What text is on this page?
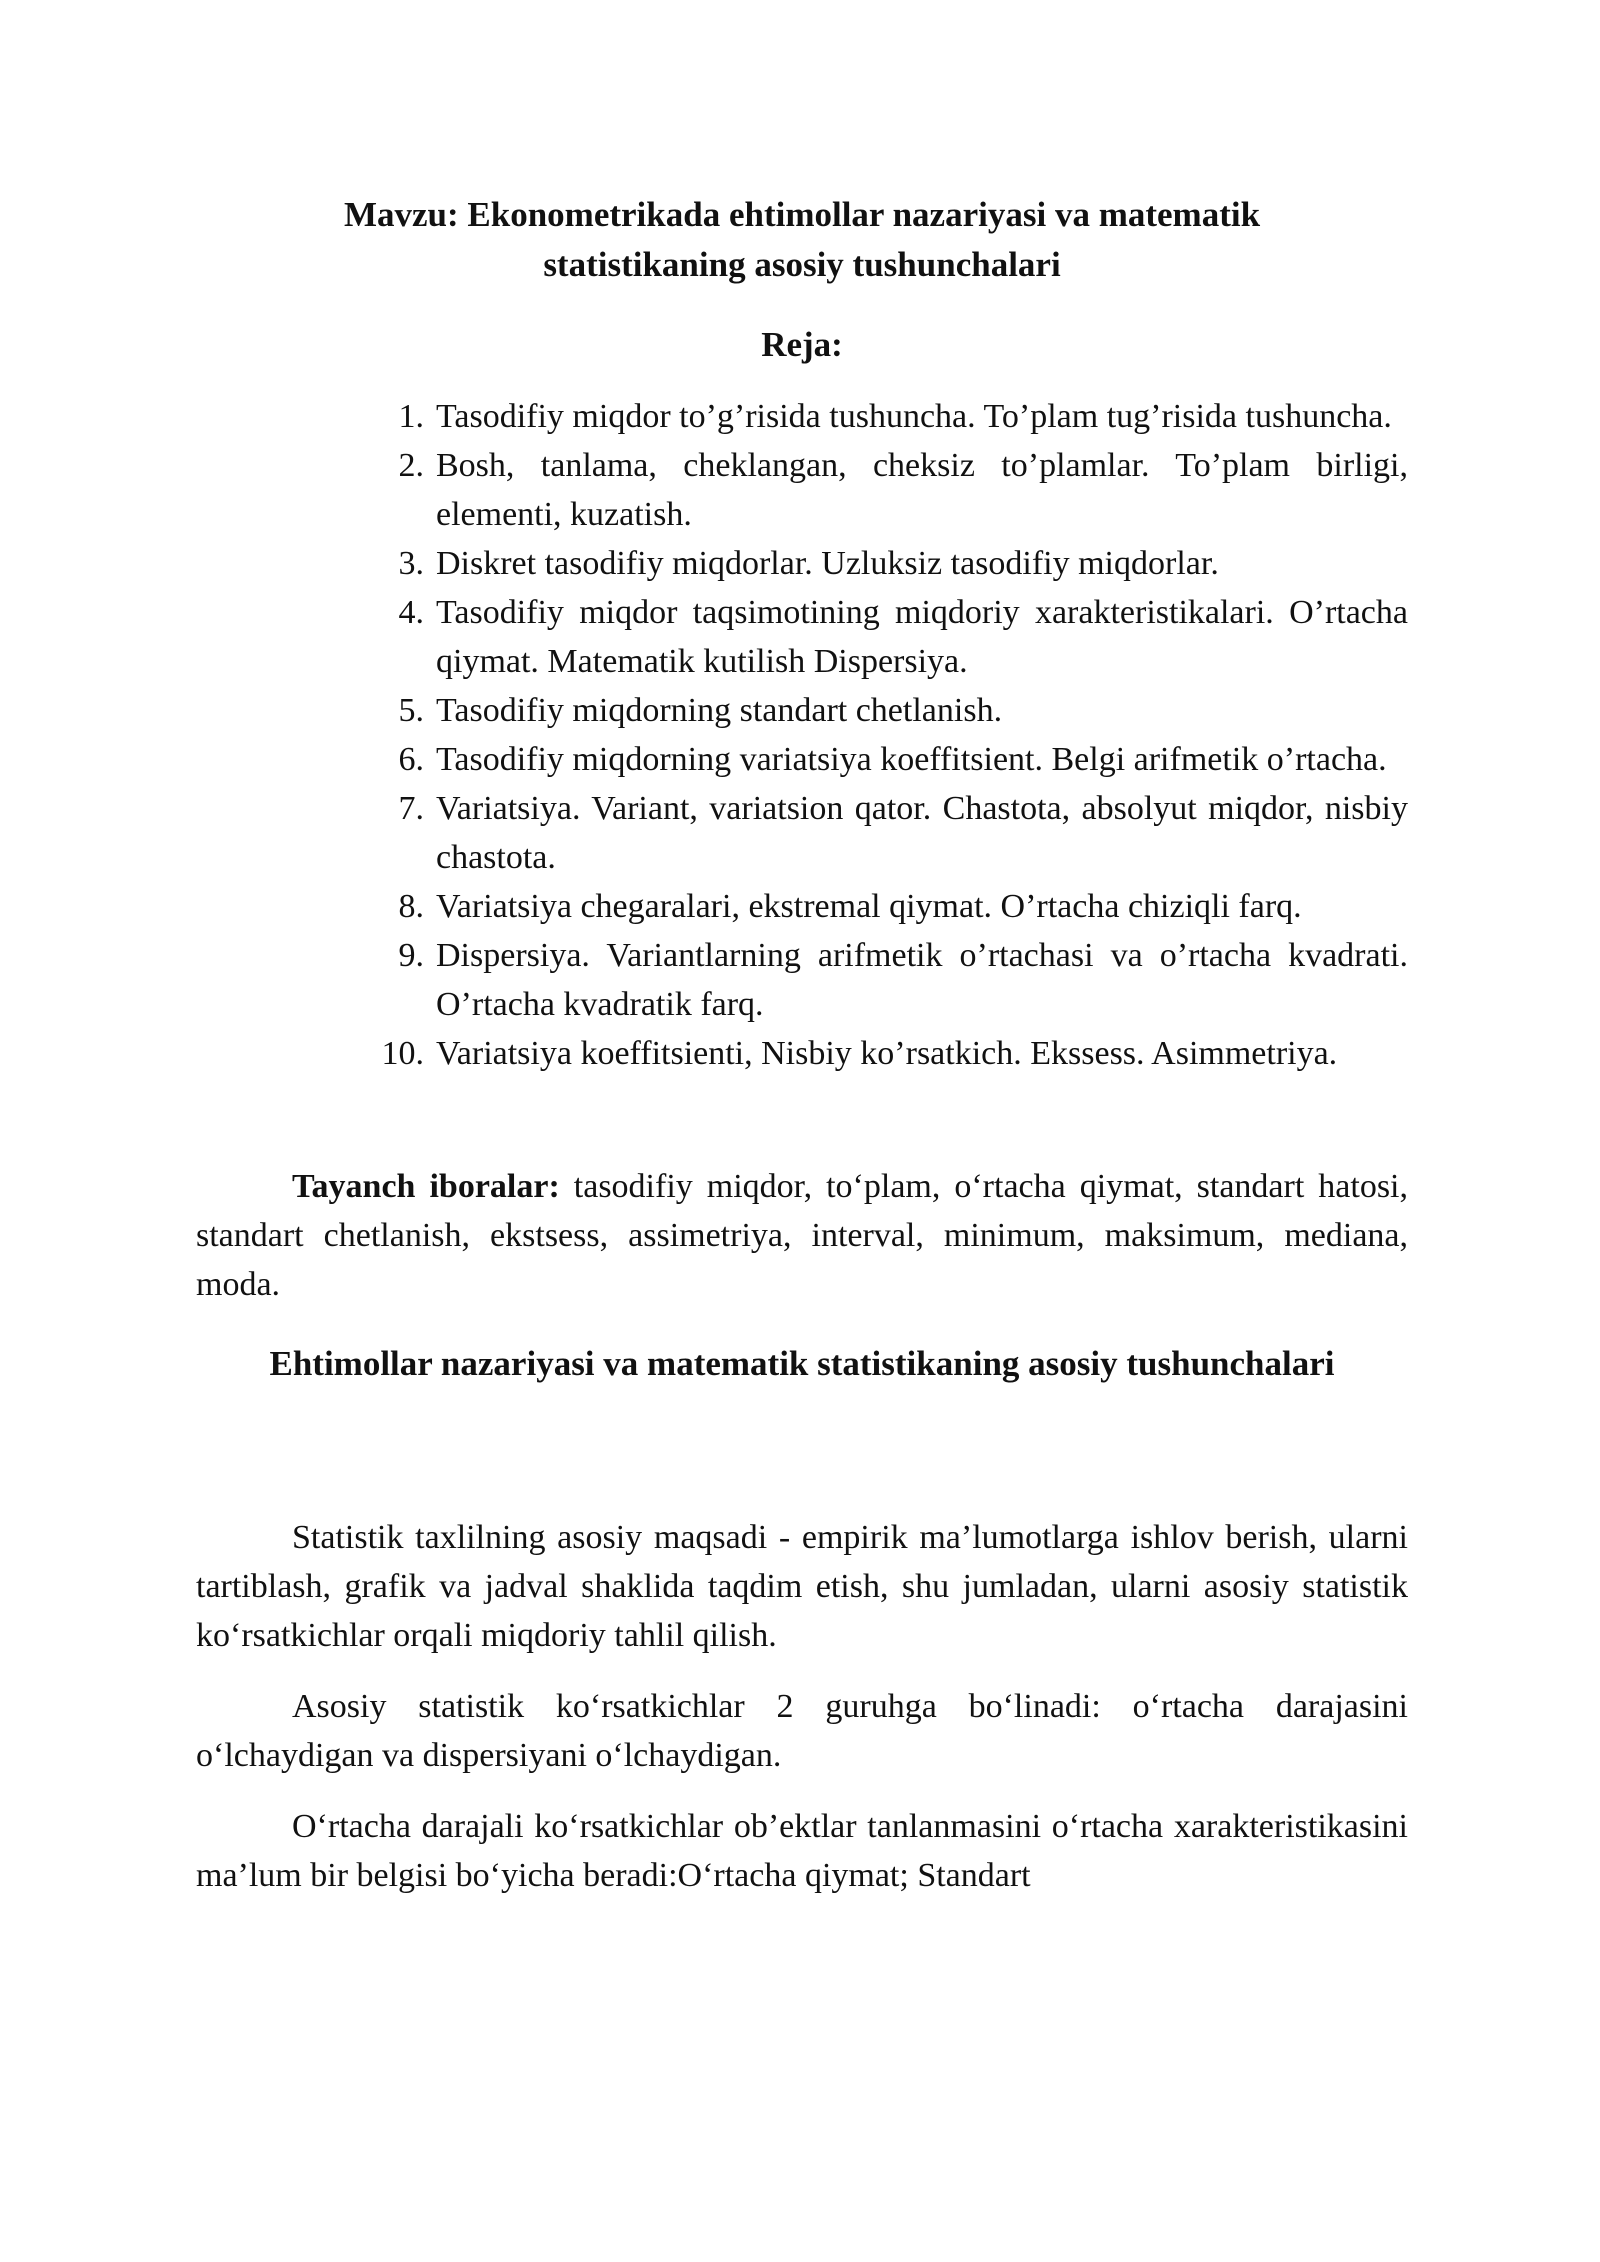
Mavzu: Ekonometrikada ehtimollar nazariyasi va matematik
statistikaning asosiy tushunchalari

Reja:

1. Tasodifiy miqdor to’g’risida tushuncha. To’plam tug’risida tushuncha.
2. Bosh, tanlama, cheklangan, cheksiz to’plamlar. To’plam birligi, elementi, kuzatish.
3. Diskret tasodifiy miqdorlar. Uzluksiz tasodifiy miqdorlar.
4. Tasodifiy miqdor taqsimotining miqdoriy xarakteristikalari. O’rtacha qiymat. Matematik kutilish Dispersiya.
5. Tasodifiy miqdorning standart chetlanish.
6. Tasodifiy miqdorning variatsiya koeffitsient. Belgi arifmetik o’rtacha.
7. Variatsiya. Variant, variatsion qator. Chastota, absolyut miqdor, nisbiy chastota.
8. Variatsiya chegaralari, ekstremal qiymat. O’rtacha chiziqli farq.
9. Dispersiya. Variantlarning arifmetik o’rtachasi va o’rtacha kvadrati. O’rtacha kvadratik farq.
10. Variatsiya koeffitsienti, Nisbiy ko’rsatkich. Ekssess. Asimmetriya.

Tayanch iboralar: tasodifiy miqdor, to‘plam, o‘rtacha qiymat, standart hatosi, standart chetlanish, ekstsess, assimetriya, interval, minimum, maksimum, mediana, moda.

Ehtimollar nazariyasi va matematik statistikaning asosiy tushunchalari

Statistik taxlilning asosiy maqsadi - empirik ma’lumotlarga ishlov berish, ularni tartiblash, grafik va jadval shaklida taqdim etish, shu jumladan, ularni asosiy statistik ko‘rsatkichlar orqali miqdoriy tahlil qilish.

Asosiy statistik ko‘rsatkichlar 2 guruhga bo‘linadi: o‘rtacha darajasini o‘lchaydigan va dispersiyani o‘lchaydigan.

O‘rtacha darajali ko‘rsatkichlar ob’ektlar tanlanmasini o‘rtacha xarakteristikasini ma’lum bir belgisi bo‘yicha beradi:O‘rtacha qiymat; Standart
